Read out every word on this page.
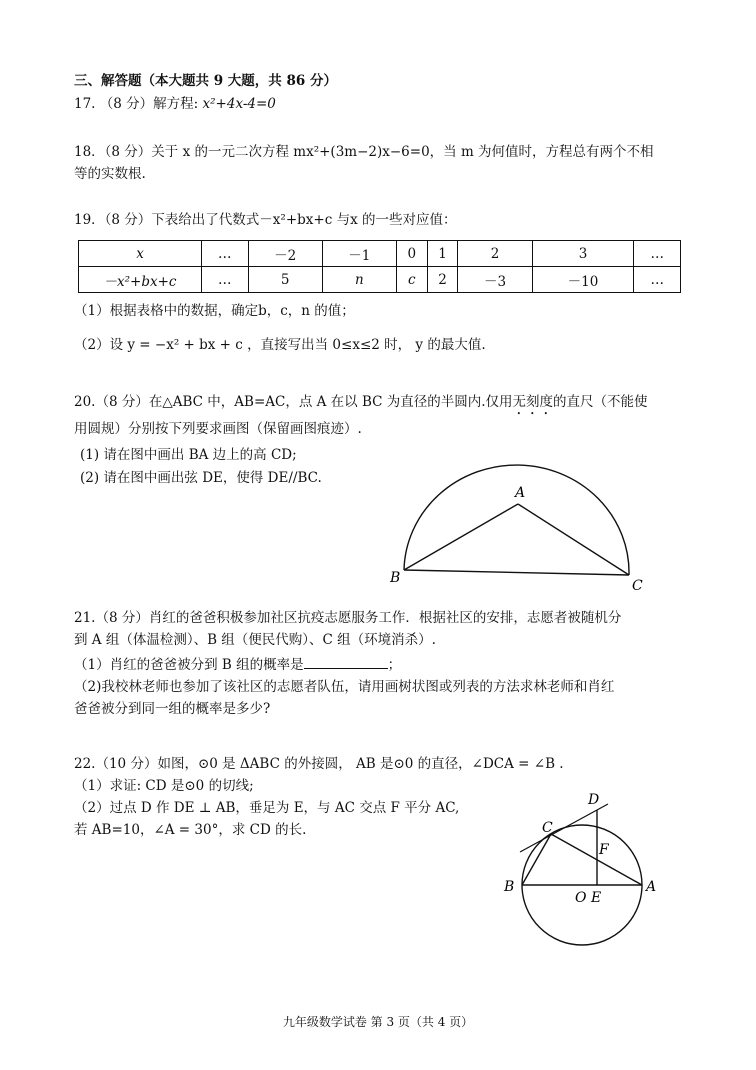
三、解答题（本大题共 9 大题，共 86 分）
17. （8 分）解方程: x²+4x-4=0
18．（8 分）关于 x 的一元二次方程 mx²+(3m−2)x−6=0，当 m 为何值时，方程总有两个不相
等的实数根.
19．（8 分）下表给出了代数式－x²+bx+c 与x 的一些对应值：
x	…	－2	－1	0	1	2	3	…
－x²+bx+c	…	5	n	c	2	－3	－10	…
（1）根据表格中的数据，确定b，c，n 的值；
（2）设 y = −x² + bx + c ，直接写出当 0≤x≤2 时， y 的最大值.
20.（8 分）在△ABC 中，AB=AC，点 A 在以 BC 为直径的半圆内.仅用无刻度的直尺（不能使
用圆规）分别按下列要求画图（保留画图痕迹）.
(1) 请在图中画出 BA 边上的高 CD;
(2) 请在图中画出弦 DE，使得 DE//BC.
A
B	C
21.（8 分）肖红的爸爸积极参加社区抗疫志愿服务工作．根据社区的安排，志愿者被随机分
到 A 组（体温检测）、B 组（便民代购）、C 组（环境消杀）.
（1）肖红的爸爸被分到 B 组的概率是	；
（2)我校林老师也参加了该社区的志愿者队伍，请用画树状图或列表的方法求林老师和肖红
爸爸被分到同一组的概率是多少?
22.（10 分）如图，⊙0 是 ΔABC 的外接圆， AB 是⊙0 的直径，∠DCA = ∠B .
（1）求证: CD 是⊙0 的切线;
（2）过点 D 作 DE ⊥ AB，垂足为 E，与 AC 交点 F 平分 AC,
若 AB=10，∠A = 30°，求 CD 的长.
D
C
F
B
O E
A
九年级数学试卷 第 3 页（共 4 页）
